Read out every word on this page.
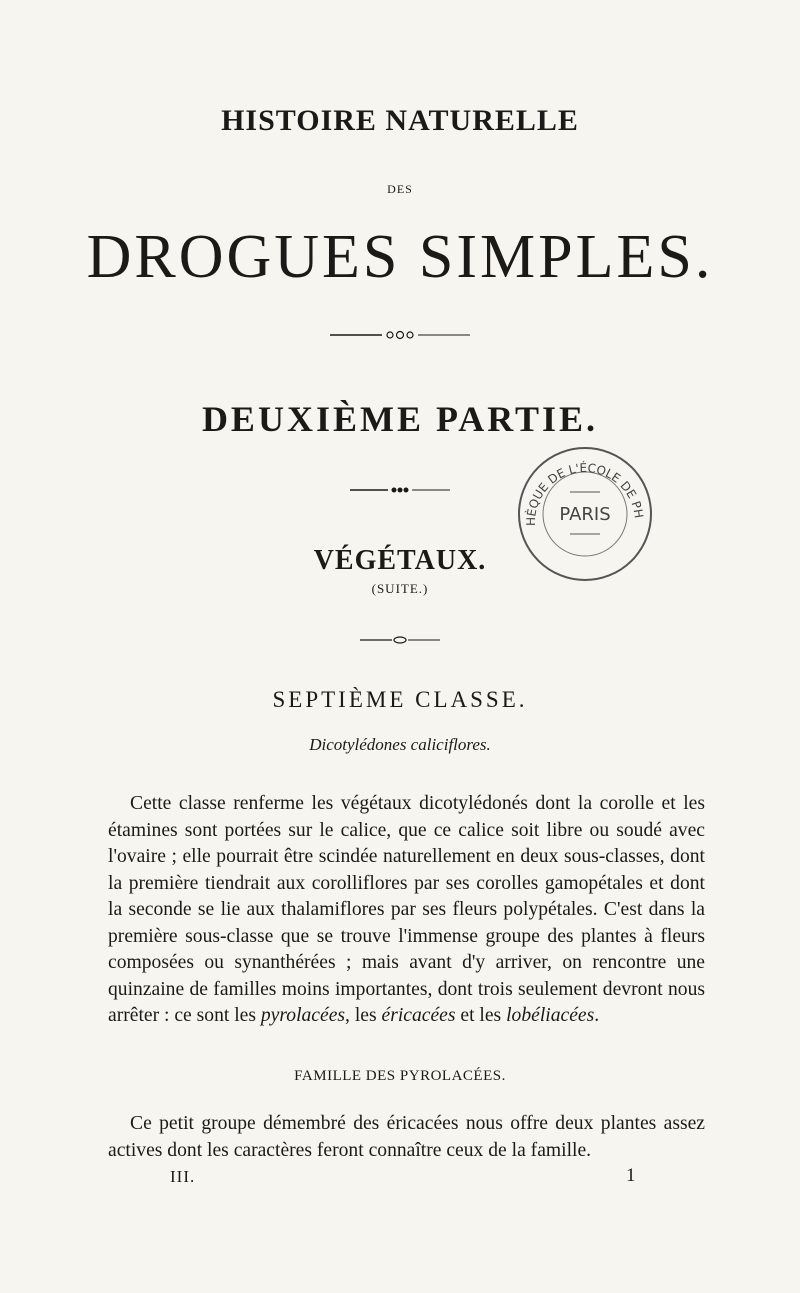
HISTOIRE NATURELLE
DES
DROGUES SIMPLES.
DEUXIÈME PARTIE.
VÉGÉTAUX.
(SUITE.)
HÈQUE DE L'ÉCOLE DE PH
PARIS
SEPTIÈME CLASSE.
Dicotylédones caliciflores.

Cette classe renferme les végétaux dicotylédonés dont la corolle et les étamines sont portées sur le calice, que ce calice soit libre ou soudé avec l'ovaire ; elle pourrait être scindée naturellement en deux sous-classes, dont la première tiendrait aux corolliflores par ses corolles gamopétales et dont la seconde se lie aux thalamiflores par ses fleurs polypétales. C'est dans la première sous-classe que se trouve l'immense groupe des plantes à fleurs composées ou synanthérées ; mais avant d'y arriver, on rencontre une quinzaine de familles moins importantes, dont trois seulement devront nous arrêter : ce sont les pyrolacées, les éricacées et les lobéliacées.

FAMILLE DES PYROLACÉES.

Ce petit groupe démembré des éricacées nous offre deux plantes assez actives dont les caractères feront connaître ceux de la famille.

III.	1
